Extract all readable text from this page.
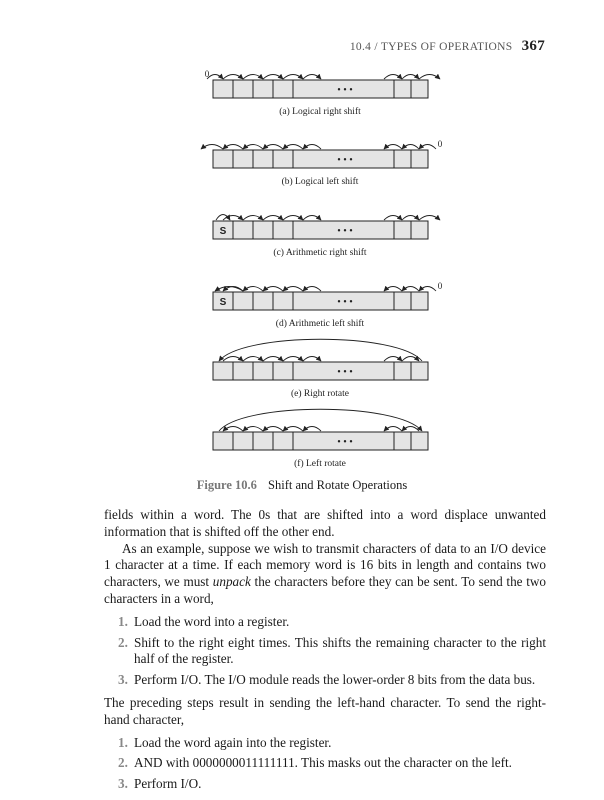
10.4 / TYPES OF OPERATIONS 367
• • •
0
(a) Logical right shift
• • •
0
(b) Logical left shift
• • •
S
(c) Arithmetic right shift
• • •
S
0
(d) Arithmetic left shift
• • •
(e) Right rotate
• • •
(f) Left rotate
Figure 10.6 Shift and Rotate Operations

fields within a word. The 0s that are shifted into a word displace unwanted information that is shifted off the other end.

As an example, suppose we wish to transmit characters of data to an I/O device 1 character at a time. If each memory word is 16 bits in length and contains two characters, we must unpack the characters before they can be sent. To send the two characters in a word,

1. Load the word into a register.
2. Shift to the right eight times. This shifts the remaining character to the right half of the register.
3. Perform I/O. The I/O module reads the lower-order 8 bits from the data bus.

The preceding steps result in sending the left-hand character. To send the right-hand character,

1. Load the word again into the register.
2. AND with 0000000011111111. This masks out the character on the left.
3. Perform I/O.
